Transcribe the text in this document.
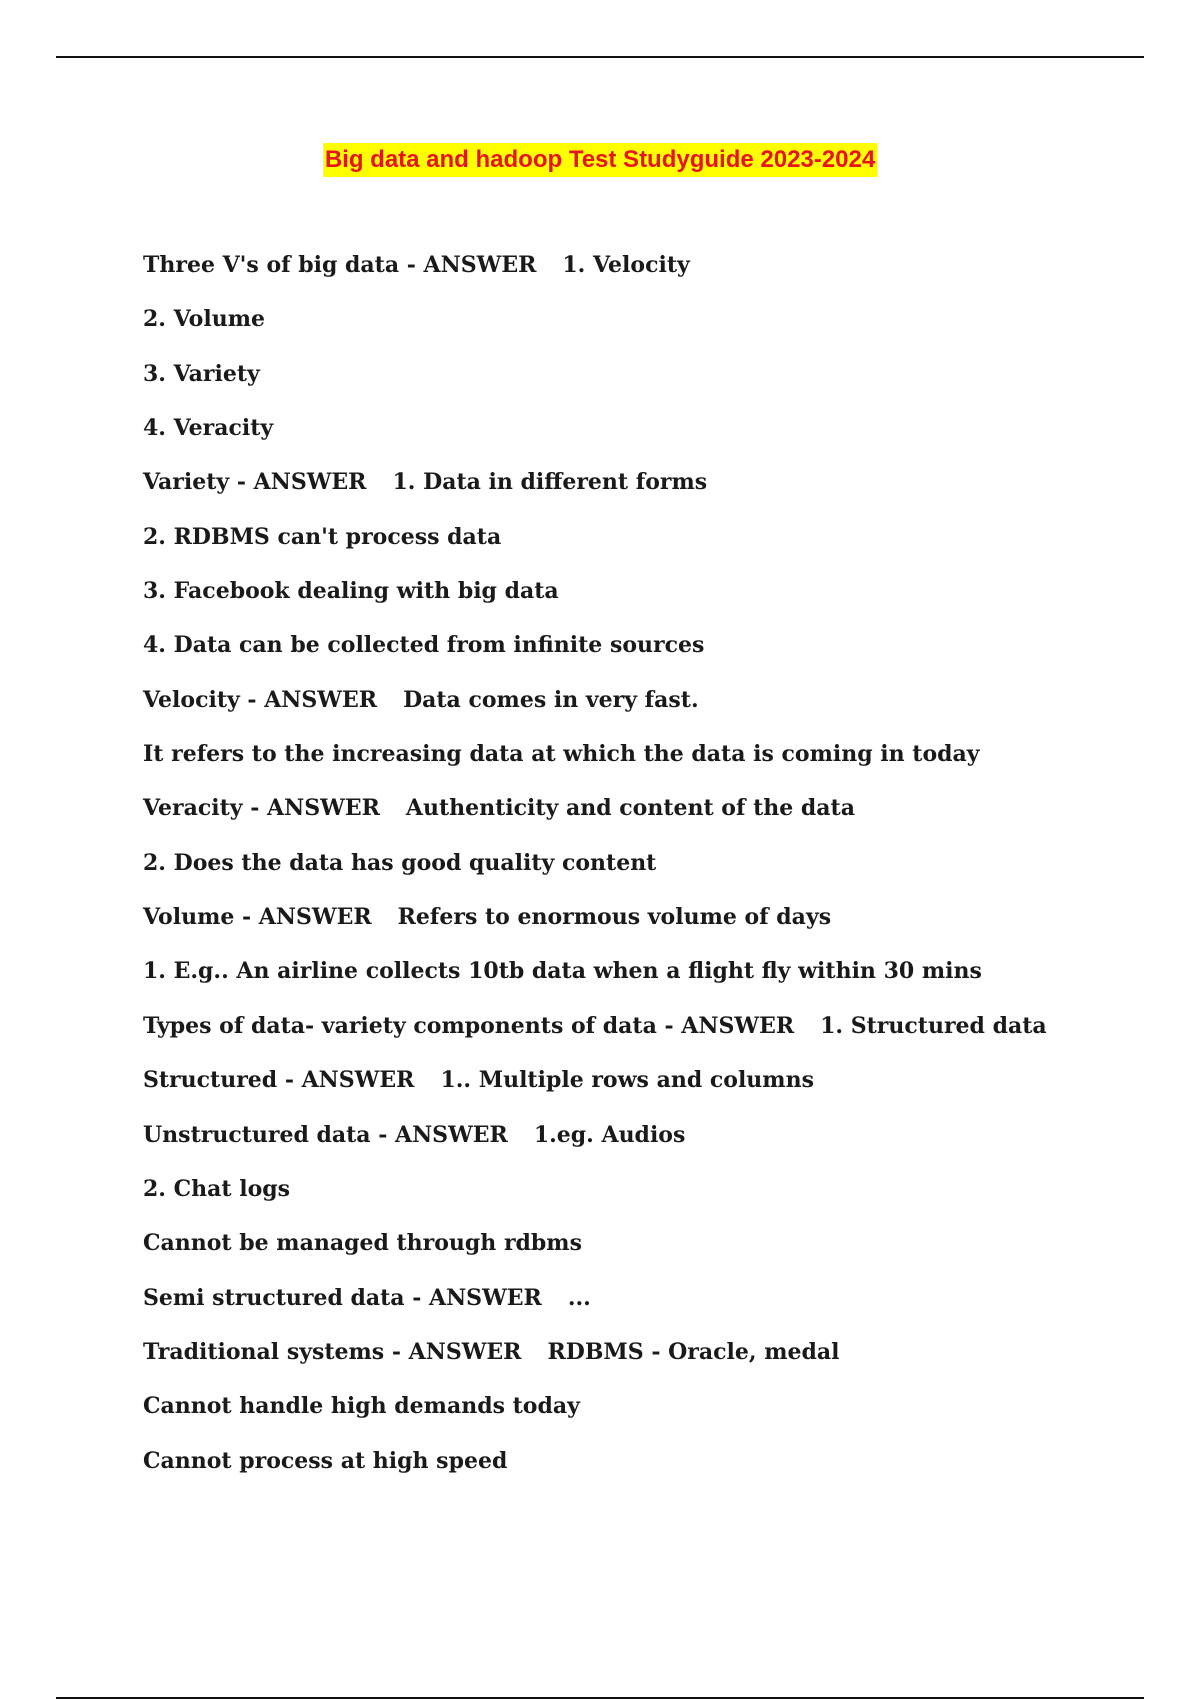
Big data and hadoop Test Studyguide 2023-2024
Three V's of big data - ANSWER 1. Velocity
2. Volume
3. Variety
4. Veracity
Variety - ANSWER 1. Data in different forms
2. RDBMS can't process data
3. Facebook dealing with big data
4. Data can be collected from infinite sources
Velocity - ANSWER Data comes in very fast.
It refers to the increasing data at which the data is coming in today
Veracity - ANSWER Authenticity and content of the data
2. Does the data has good quality content
Volume - ANSWER Refers to enormous volume of days
1. E.g.. An airline collects 10tb data when a flight fly within 30 mins
Types of data- variety components of data - ANSWER 1. Structured data
Structured - ANSWER 1.. Multiple rows and columns
Unstructured data - ANSWER 1.eg. Audios
2. Chat logs
Cannot be managed through rdbms
Semi structured data - ANSWER ...
Traditional systems - ANSWER RDBMS - Oracle, medal
Cannot handle high demands today
Cannot process at high speed
